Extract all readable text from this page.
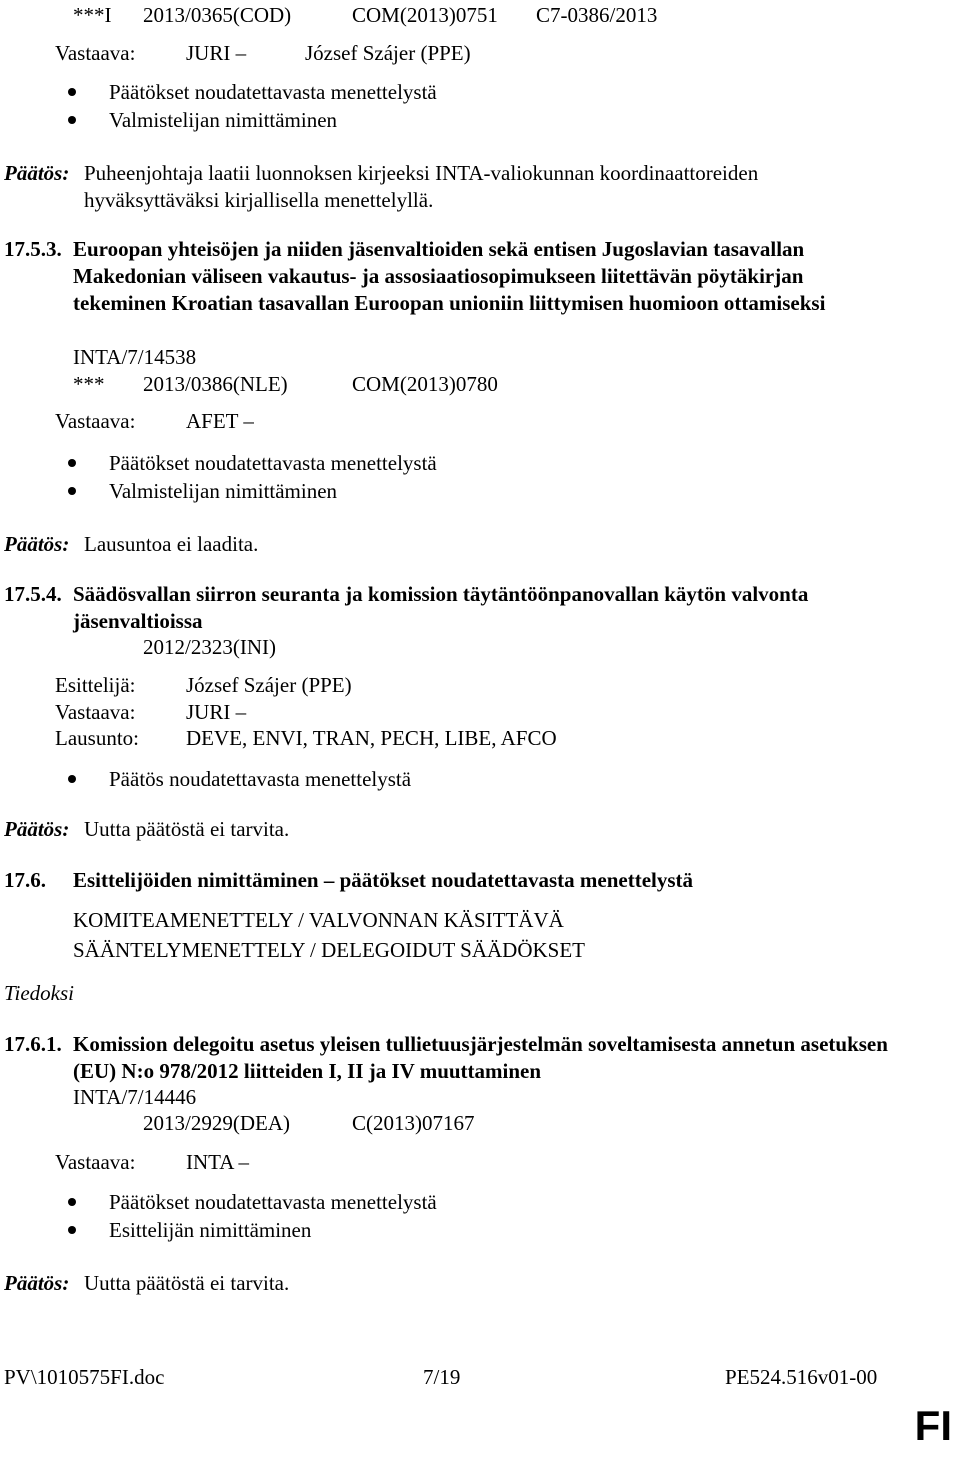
***I 2013/0365(COD)	COM(2013)0751 C7-0386/2013
Vastaava: JURI –	József Szájer (PPE)
Päätökset noudatettavasta menettelystä
Valmistelijan nimittäminen
Päätös: Puheenjohtaja laatii luonnoksen kirjeeksi INTA-valiokunnan koordinaattoreiden
hyväksyttäväksi kirjallisella menettelyllä.
17.5.3. Euroopan yhteisöjen ja niiden jäsenvaltioiden sekä entisen Jugoslavian tasavallan Makedonian väliseen vakautus- ja assosiaatiosopimukseen liitettävän pöytäkirjan tekeminen Kroatian tasavallan Euroopan unioniin liittymisen huomioon ottamiseksi
INTA/7/14538
*** 2013/0386(NLE)	COM(2013)0780
Vastaava: AFET –
Päätökset noudatettavasta menettelystä
Valmistelijan nimittäminen
Päätös: Lausuntoa ei laadita.
17.5.4. Säädösvallan siirron seuranta ja komission täytäntöönpanovallan käytön valvonta jäsenvaltioissa
2012/2323(INI)
Esittelijä: József Szájer (PPE)
Vastaava: JURI –
Lausunto: DEVE, ENVI, TRAN, PECH, LIBE, AFCO
Päätös noudatettavasta menettelystä
Päätös: Uutta päätöstä ei tarvita.
17.6. Esittelijöiden nimittäminen – päätökset noudatettavasta menettelystä
KOMITEAMENETTELY / VALVONNAN KÄSITTÄVÄ
SÄÄNTELYMENETTELY / DELEGOIDUT SÄÄDÖKSET
Tiedoksi
17.6.1. Komission delegoitu asetus yleisen tullietuusjärjestelmän soveltamisesta annetun asetuksen (EU) N:o 978/2012 liitteiden I, II ja IV muuttaminen
INTA/7/14446
2013/2929(DEA)	C(2013)07167
Vastaava: INTA –
Päätökset noudatettavasta menettelystä
Esittelijän nimittäminen
Päätös: Uutta päätöstä ei tarvita.
PV\1010575FI.doc	7/19	PE524.516v01-00
FI
